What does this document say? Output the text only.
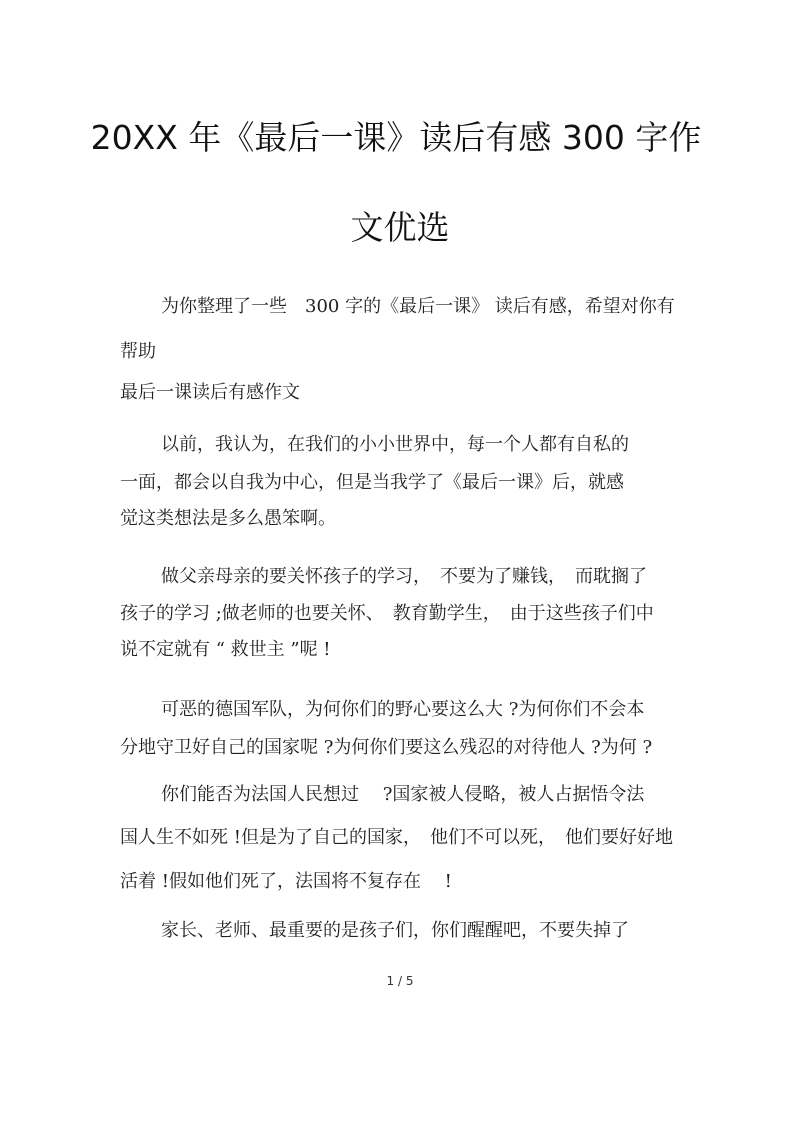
20XX 年《最后一课》读后有感 300 字作
文优选
为你整理了一些　300 字的《最后一课》 读后有感，希望对你有
帮助
最后一课读后有感作文
以前，我认为，在我们的小小世界中，每一个人都有自私的
一面，都会以自我为中心，但是当我学了《最后一课》后，就感
觉这类想法是多么愚笨啊。
做父亲母亲的要关怀孩子的学习，　不要为了赚钱，　而耽搁了
孩子的学习 ;做老师的也要关怀、　教育勤学生，　由于这些孩子们中
说不定就有 “ 救世主 ”呢 !
可恶的德国军队，为何你们的野心要这么大 ?为何你们不会本
分地守卫好自己的国家呢 ?为何你们要这么残忍的对待他人 ?为何 ?
你们能否为法国人民想过　 ?国家被人侵略，被人占据悟令法
国人生不如死 !但是为了自己的国家，　他们不可以死，　他们要好好地
活着 !假如他们死了，法国将不复存在　 !
家长、老师、最重要的是孩子们，你们醒醒吧，不要失掉了
1 / 5
